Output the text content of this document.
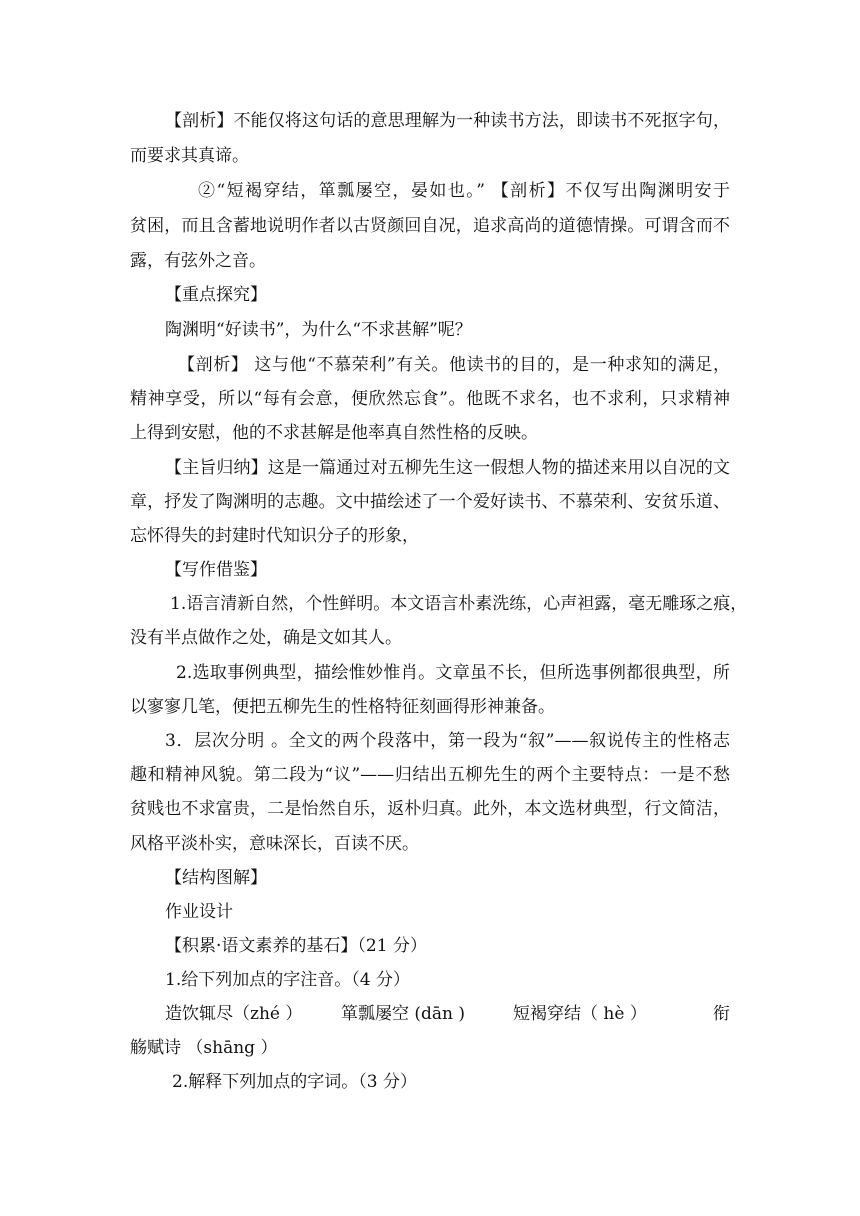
【剖析】不能仅将这句话的意思理解为一种读书方法，即读书不死抠字句，
而要求其真谛。
②“短褐穿结，箪瓢屡空，晏如也。” 【剖析】不仅写出陶渊明安于
贫困，而且含蓄地说明作者以古贤颜回自况，追求高尚的道德情操。可谓含而不
露，有弦外之音。
【重点探究】
陶渊明“好读书”，为什么“不求甚解”呢？
【剖析】 这与他“不慕荣利”有关。他读书的目的，是一种求知的满足，
精神享受，所以“每有会意，便欣然忘食”。他既不求名，也不求利，只求精神
上得到安慰，他的不求甚解是他率真自然性格的反映。
【主旨归纳】这是一篇通过对五柳先生这一假想人物的描述来用以自况的文
章，抒发了陶渊明的志趣。文中描绘述了一个爱好读书、不慕荣利、安贫乐道、
忘怀得失的封建时代知识分子的形象，
【写作借鉴】
1.语言清新自然，个性鲜明。本文语言朴素洗练，心声袒露，毫无雕琢之痕，
没有半点做作之处，确是文如其人。
2.选取事例典型，描绘惟妙惟肖。文章虽不长，但所选事例都很典型，所
以寥寥几笔，便把五柳先生的性格特征刻画得形神兼备。
3．层次分明 。全文的两个段落中，第一段为“叙”——叙说传主的性格志
趣和精神风貌。第二段为“议”——归结出五柳先生的两个主要特点：一是不愁
贫贱也不求富贵，二是怡然自乐，返朴归真。此外，本文选材典型，行文简洁，
风格平淡朴实，意味深长，百读不厌。
【结构图解】
作业设计
【积累·语文素养的基石】（21 分）
1.给下列加点的字注音。（4 分）
造饮辄尽（zhé ） 箪瓢屡空 (dān )	短褐穿结（ hè ）	衔
觞赋诗 （shāng ）
2.解释下列加点的字词。（3 分）
